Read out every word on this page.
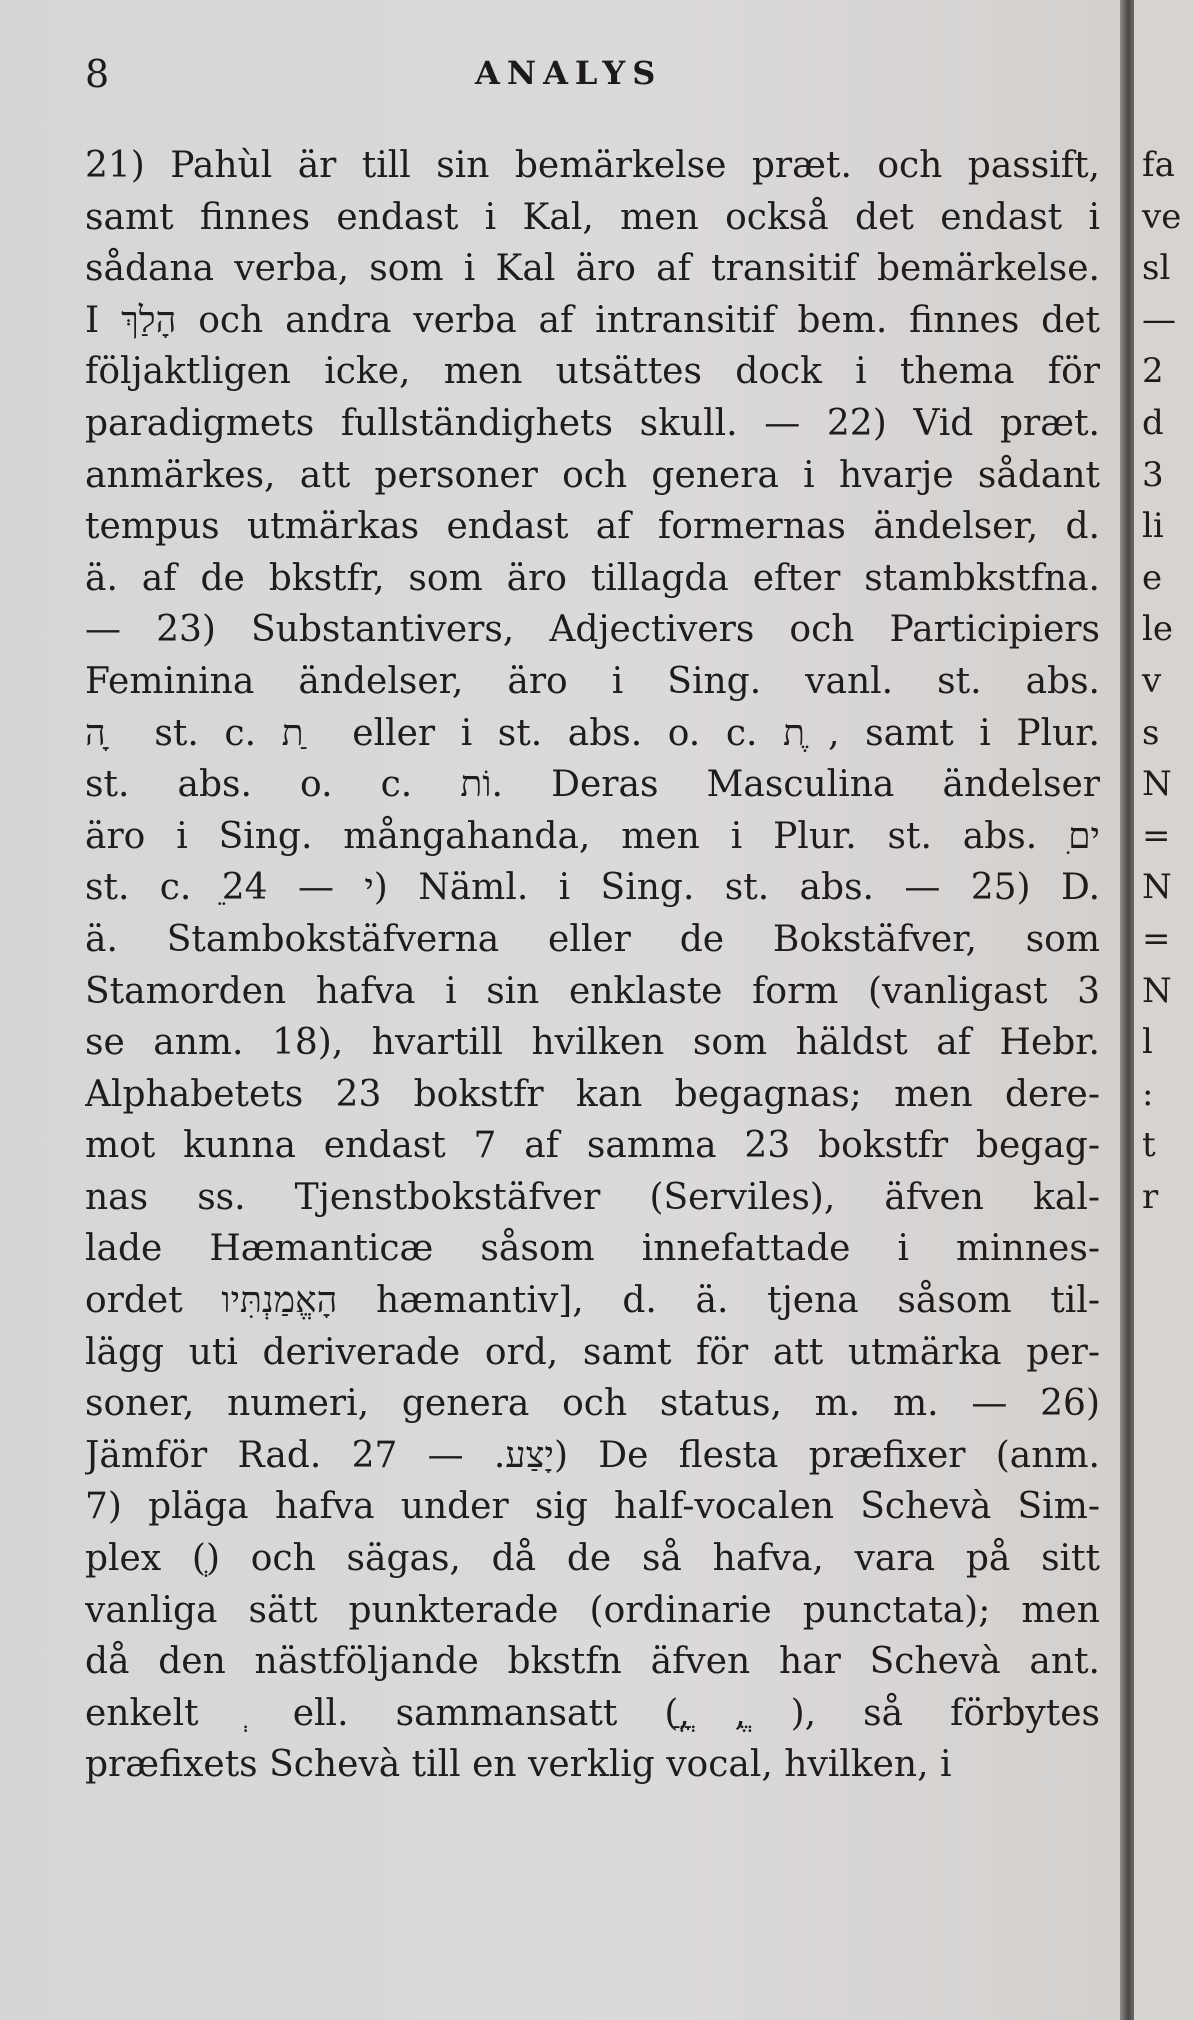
8	ANALYS
21) Pahùl är till sin bemärkelse præt. och passift,
samt finnes endast i Kal, men också det endast i
sådana verba, som i Kal äro af transitif bemärkelse.
I הָלַךְ och andra verba af intransitif bem. finnes det
följaktligen icke, men utsättes dock i thema för
paradigmets fullständighets skull. — 22) Vid præt.
anmärkes, att personer och genera i hvarje sådant
tempus utmärkas endast af formernas ändelser, d.
ä. af de bkstfr, som äro tillagda efter stambkstfna.
— 23) Substantivers, Adjectivers och Participiers
Feminina ändelser, äro i Sing. vanl. st. abs.
ה ָ st. c. ת ַ eller i st. abs. o. c. ת ֶ, samt i Plur.
st. abs. o. c. וֹת. Deras Masculina ändelser
äro i Sing. mångahanda, men i Plur. st. abs. ִים
st. c. ֵי — 24) Näml. i Sing. st. abs. — 25) D.
ä. Stambokstäfverna eller de Bokstäfver, som
Stamorden hafva i sin enklaste form (vanligast 3
se anm. 18), hvartill hvilken som häldst af Hebr.
Alphabetets 23 bokstfr kan begagnas; men dere-
mot kunna endast 7 af samma 23 bokstfr begag-
nas ss. Tjenstbokstäfver (Serviles), äfven kal-
lade Hæmanticæ såsom innefattade i minnes-
ordet הָאֱמַנְתִּיו hæmantiv], d. ä. tjena såsom til-
lägg uti deriverade ord, samt för att utmärka per-
soner, numeri, genera och status, m. m. — 26)
Jämför Rad. יָצַע. — 27) De flesta præfixer (anm.
7) pläga hafva under sig half-vocalen Schevà Sim-
plex (ְ) och sägas, då de så hafva, vara på sitt
vanliga sätt punkterade (ordinarie punctata); men
då den nästföljande bkstfn äfven har Schevà ant.
enkelt ְ ell. sammansatt (ֲ, ֳ, ֱ), så förbytes
præfixets Schevà till en verklig vocal, hvilken, i
fa
ve
sl
—
2
d
3
li
e
le
v
s
N
=
N
=
N
l
:
t
r
